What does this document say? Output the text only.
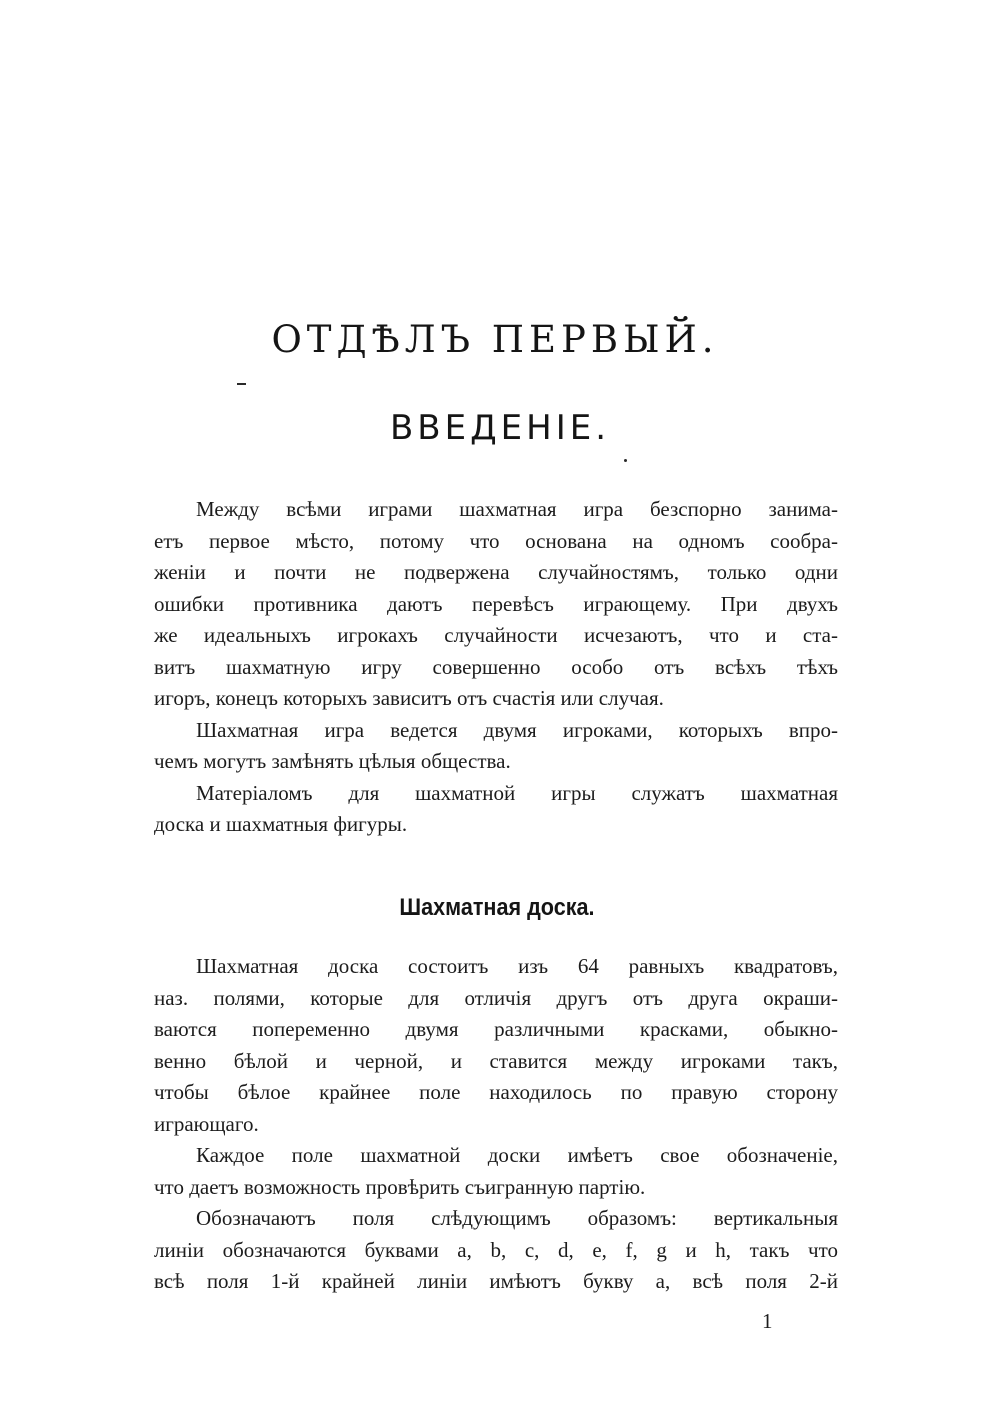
ОТДѢЛЪ ПЕРВЫЙ.
ВВЕДЕНІЕ.
Между всѣми играми шахматная игра безспорно занима-
етъ первое мѣсто, потому что основана на одномъ сообра-
женіи и почти не подвержена случайностямъ, только одни
ошибки противника даютъ перевѣсъ играющему. При двухъ
же идеальныхъ игрокахъ случайности исчезаютъ, что и ста-
витъ шахматную игру совершенно особо отъ всѣхъ тѣхъ
игоръ, конецъ которыхъ зависитъ отъ счастія или случая.
Шахматная игра ведется двумя игроками, которыхъ впро-
чемъ могутъ замѣнять цѣлыя общества.
Матеріаломъ для шахматной игры служатъ шахматная
доска и шахматныя фигуры.
Шахматная доска.
Шахматная доска состоитъ изъ 64 равныхъ квадратовъ,
наз. полями, которые для отличія другъ отъ друга окраши-
ваются попеременно двумя различными красками, обыкно-
венно бѣлой и черной, и ставится между игроками такъ,
чтобы бѣлое крайнее поле находилось по правую сторону
играющаго.
Каждое поле шахматной доски имѣетъ свое обозначеніе,
что даетъ возможность провѣрить съигранную партію.
Обозначаютъ поля слѣдующимъ образомъ: вертикальныя
линіи обозначаются буквами a, b, c, d, e, f, g и h, такъ что
всѣ поля 1-й крайней линіи имѣютъ букву a, всѣ поля 2-й

1
